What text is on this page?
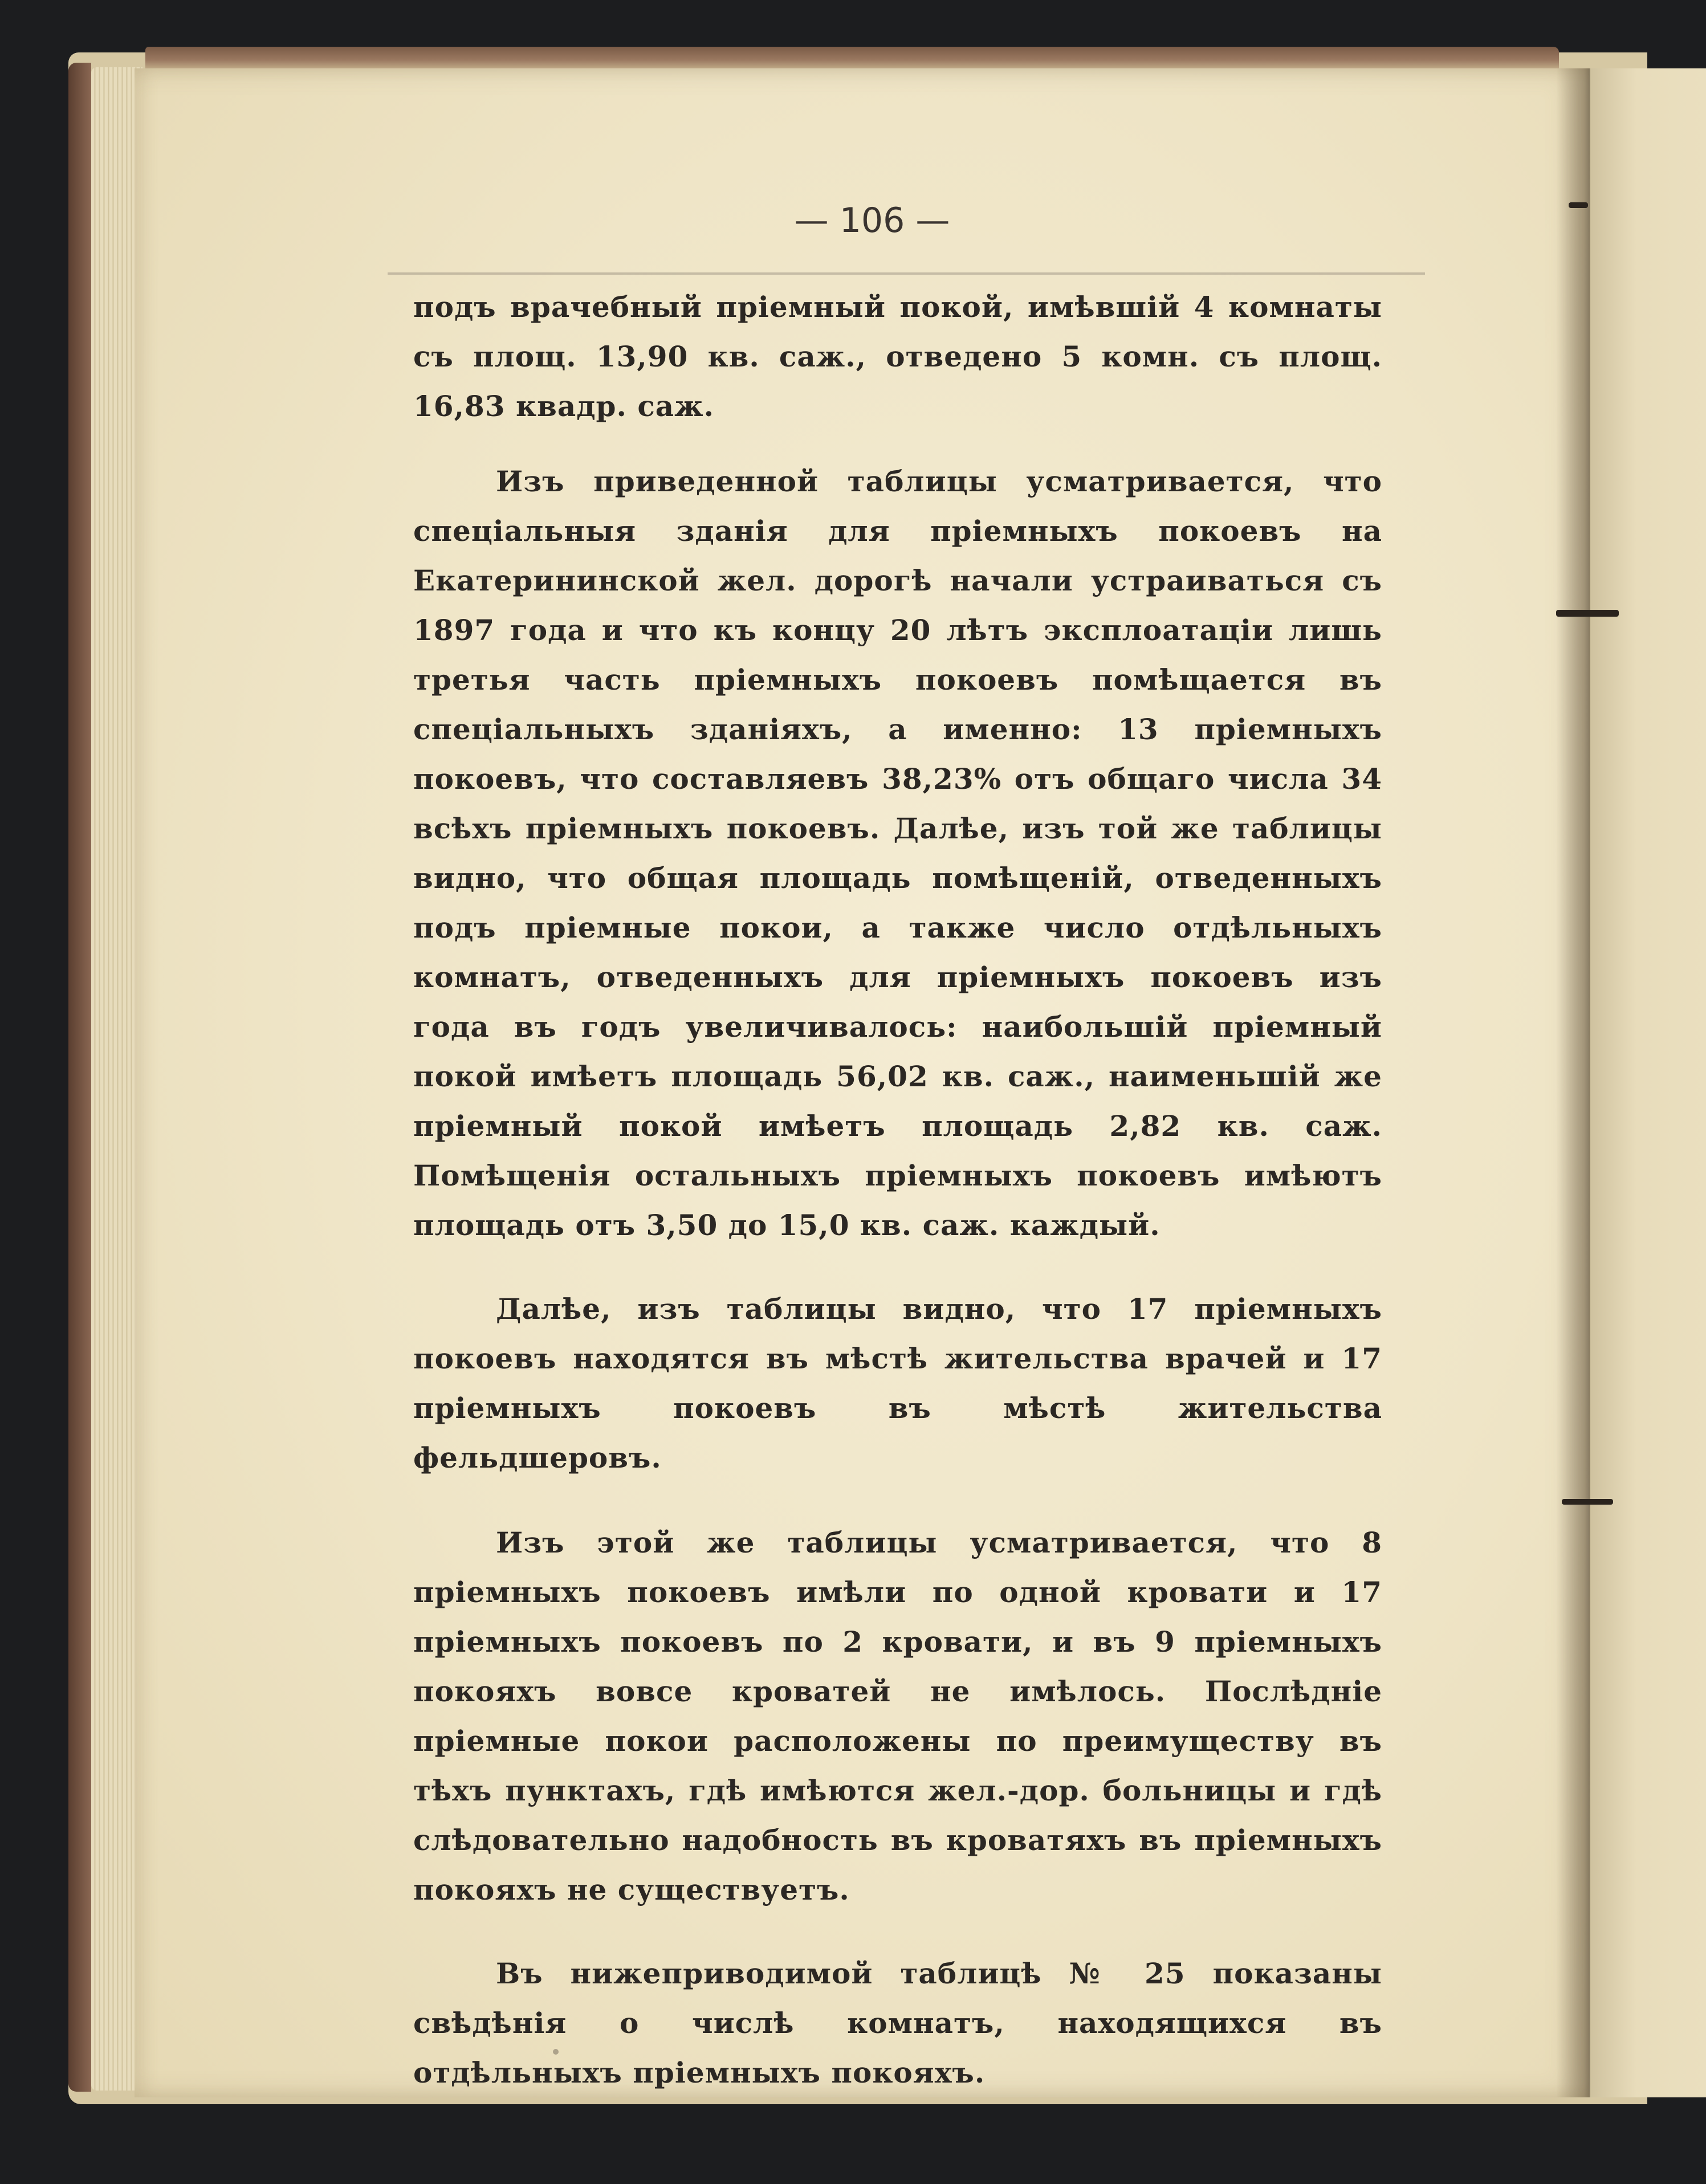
— 106 —

подъ врачебный пріемный покой, имѣвшій 4 комнаты съ площ. 13,90 кв. саж., отведено 5 комн. съ площ. 16,83 квадр. саж.

Изъ приведенной таблицы усматривается, что спеціальныя зданія для пріемныхъ покоевъ на Екатерининской жел. дорогѣ начали устраиваться съ 1897 года и что къ концу 20 лѣтъ эксплоатаціи лишь третья часть пріемныхъ покоевъ помѣщается въ спеціальныхъ зданіяхъ, а именно: 13 пріемныхъ покоевъ, что составляевъ 38,23% отъ общаго числа 34 всѣхъ пріемныхъ покоевъ. Далѣе, изъ той же таблицы видно, что общая площадь помѣщеній, отведенныхъ подъ пріемные покои, а также число отдѣльныхъ комнатъ, отведенныхъ для пріемныхъ покоевъ изъ года въ годъ увеличивалось: наибольшій пріемный покой имѣетъ площадь 56,02 кв. саж., наименьшій же пріемный покой имѣетъ площадь 2,82 кв. саж. Помѣщенія остальныхъ пріемныхъ покоевъ имѣютъ площадь отъ 3,50 до 15,0 кв. саж. каждый.

Далѣе, изъ таблицы видно, что 17 пріемныхъ покоевъ находятся въ мѣстѣ жительства врачей и 17 пріемныхъ покоевъ въ мѣстѣ жительства фельдшеровъ.

Изъ этой же таблицы усматривается, что 8 пріемныхъ покоевъ имѣли по одной кровати и 17 пріемныхъ покоевъ по 2 кровати, и въ 9 пріемныхъ покояхъ вовсе кроватей не имѣлось. Послѣдніе пріемные покои расположены по преимуществу въ тѣхъ пунктахъ, гдѣ имѣются жел.-дор. больницы и гдѣ слѣдовательно надобность въ кроватяхъ въ пріемныхъ покояхъ не существуетъ.

Въ нижеприводимой таблицѣ № 25 показаны свѣдѣнія о числѣ комнатъ, находящихся въ отдѣльныхъ пріемныхъ покояхъ.
